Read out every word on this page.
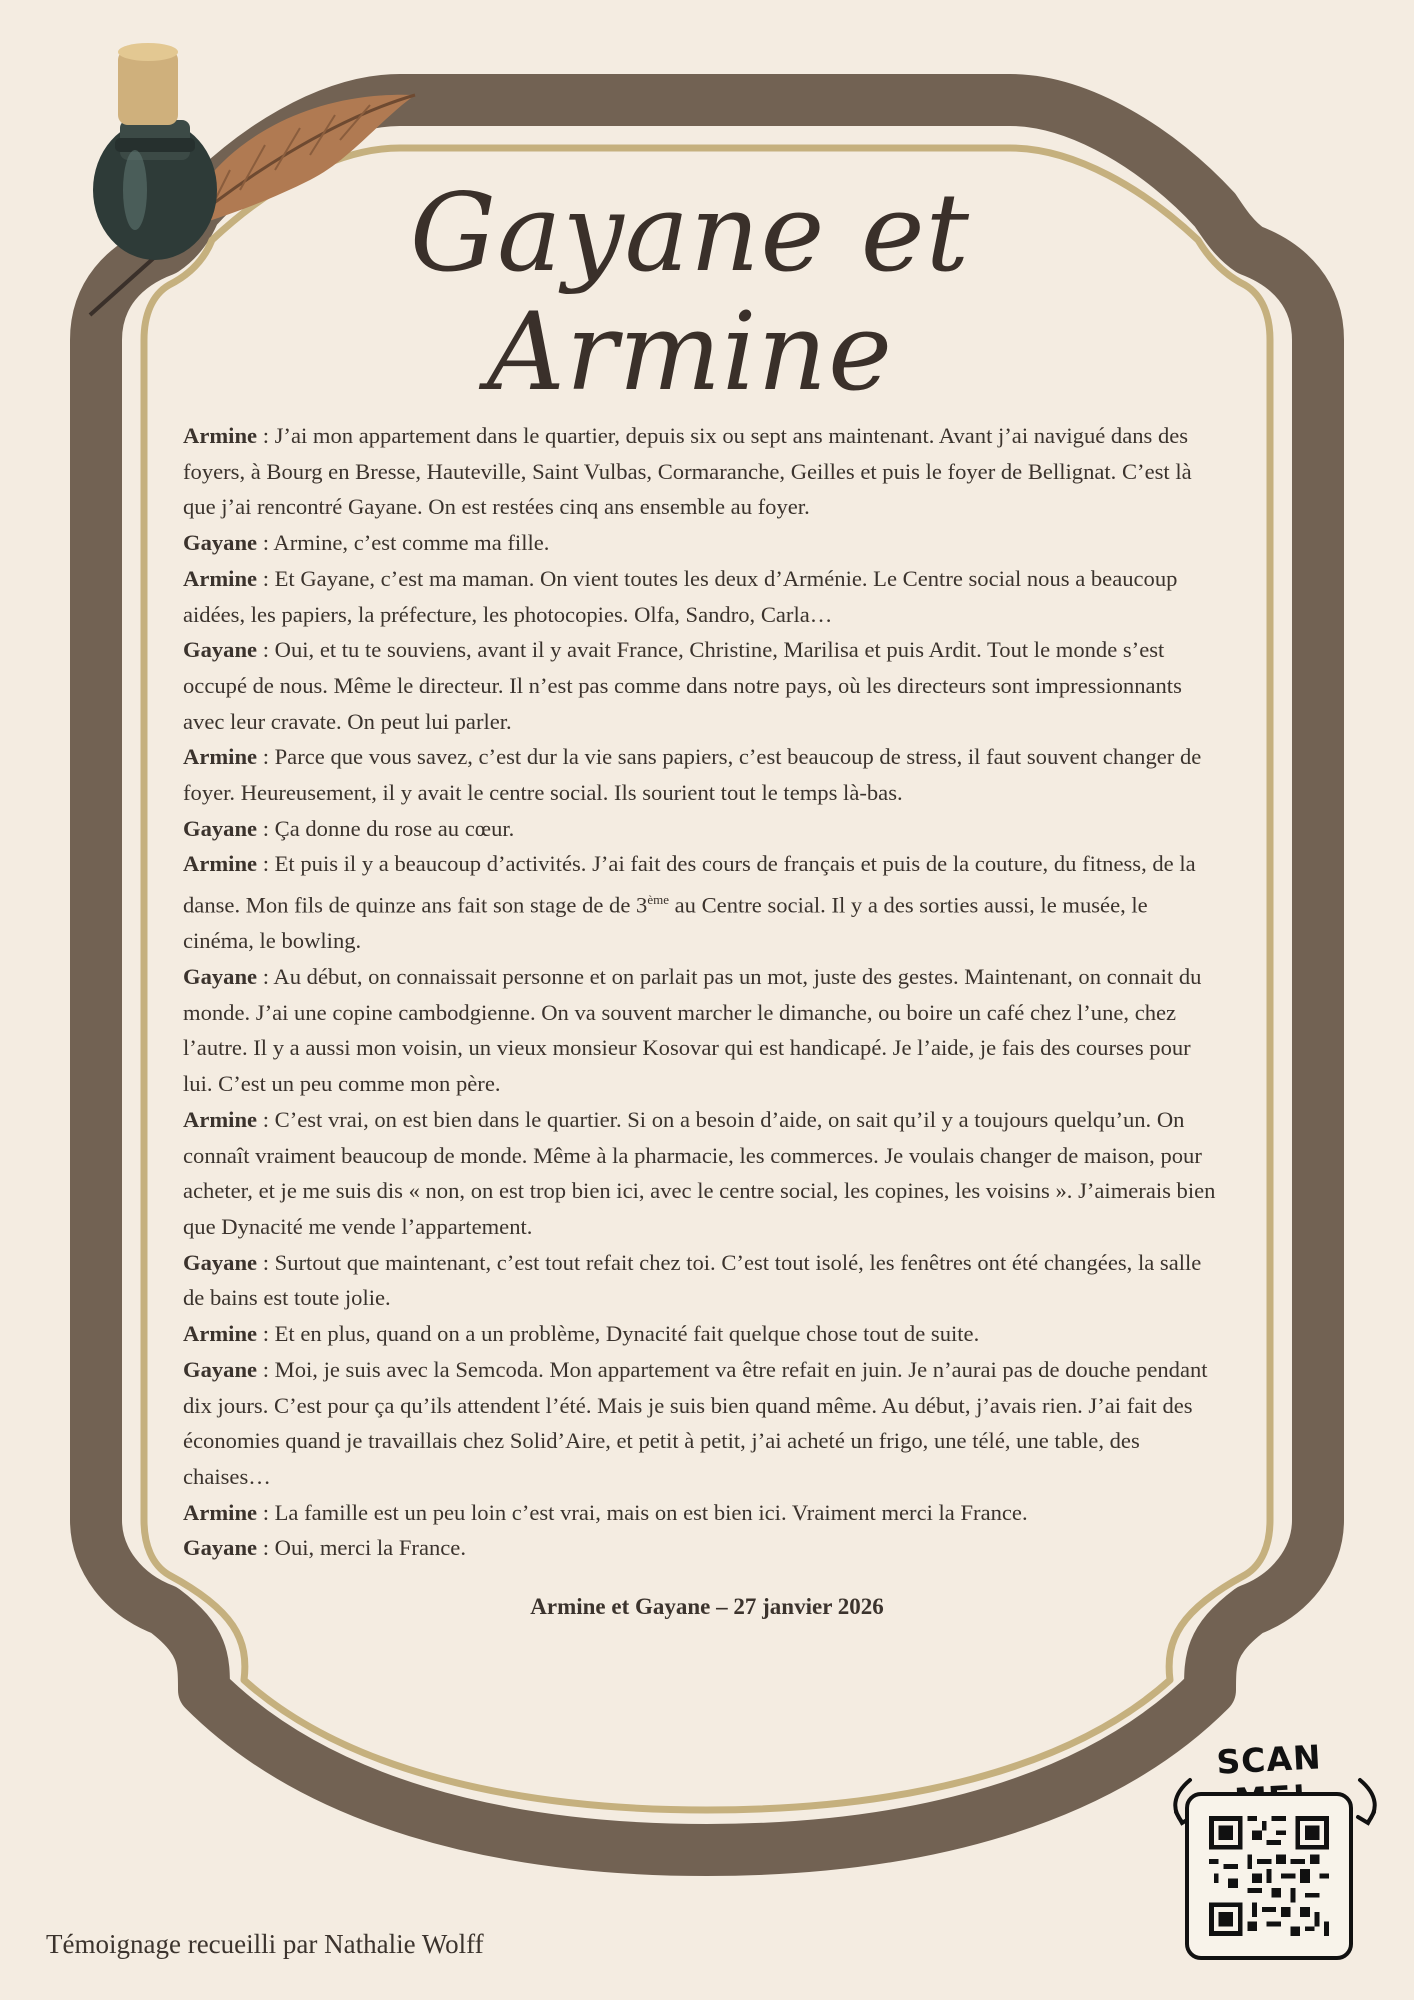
Gayane et Armine

Armine : J’ai mon appartement dans le quartier, depuis six ou sept ans maintenant. Avant j’ai navigué dans des foyers, à Bourg en Bresse, Hauteville, Saint Vulbas, Cormaranche, Geilles et puis le foyer de Bellignat. C’est là que j’ai rencontré Gayane. On est restées cinq ans ensemble au foyer.

Gayane : Armine, c’est comme ma fille.

Armine : Et Gayane, c’est ma maman. On vient toutes les deux d’Arménie. Le Centre social nous a beaucoup aidées, les papiers, la préfecture, les photocopies. Olfa, Sandro, Carla…

Gayane : Oui, et tu te souviens, avant il y avait France, Christine, Marilisa et puis Ardit. Tout le monde s’est occupé de nous. Même le directeur. Il n’est pas comme dans notre pays, où les directeurs sont impressionnants avec leur cravate. On peut lui parler.

Armine : Parce que vous savez, c’est dur la vie sans papiers, c’est beaucoup de stress, il faut souvent changer de foyer. Heureusement, il y avait le centre social. Ils sourient tout le temps là-bas.

Gayane : Ça donne du rose au cœur.

Armine : Et puis il y a beaucoup d’activités. J’ai fait des cours de français et puis de la couture, du fitness, de la danse. Mon fils de quinze ans fait son stage de de 3ème au Centre social. Il y a des sorties aussi, le musée, le cinéma, le bowling.

Gayane : Au début, on connaissait personne et on parlait pas un mot, juste des gestes. Maintenant, on connait du monde. J’ai une copine cambodgienne. On va souvent marcher le dimanche, ou boire un café chez l’une, chez l’autre. Il y a aussi mon voisin, un vieux monsieur Kosovar qui est handicapé. Je l’aide, je fais des courses pour lui. C’est un peu comme mon père.

Armine : C’est vrai, on est bien dans le quartier. Si on a besoin d’aide, on sait qu’il y a toujours quelqu’un. On connaît vraiment beaucoup de monde. Même à la pharmacie, les commerces. Je voulais changer de maison, pour acheter, et je me suis dis « non, on est trop bien ici, avec le centre social, les copines, les voisins ». J’aimerais bien que Dynacité me vende l’appartement.

Gayane : Surtout que maintenant, c’est tout refait chez toi. C’est tout isolé, les fenêtres ont été changées, la salle de bains est toute jolie.

Armine : Et en plus, quand on a un problème, Dynacité fait quelque chose tout de suite.

Gayane : Moi, je suis avec la Semcoda. Mon appartement va être refait en juin. Je n’aurai pas de douche pendant dix jours. C’est pour ça qu’ils attendent l’été. Mais je suis bien quand même. Au début, j’avais rien. J’ai fait des économies quand je travaillais chez Solid’Aire, et petit à petit, j’ai acheté un frigo, une télé, une table, des chaises…

Armine : La famille est un peu loin c’est vrai, mais on est bien ici. Vraiment merci la France.

Gayane : Oui, merci la France.

Armine et Gayane – 27 janvier 2026
Témoignage recueilli par Nathalie Wolff
SCAN
